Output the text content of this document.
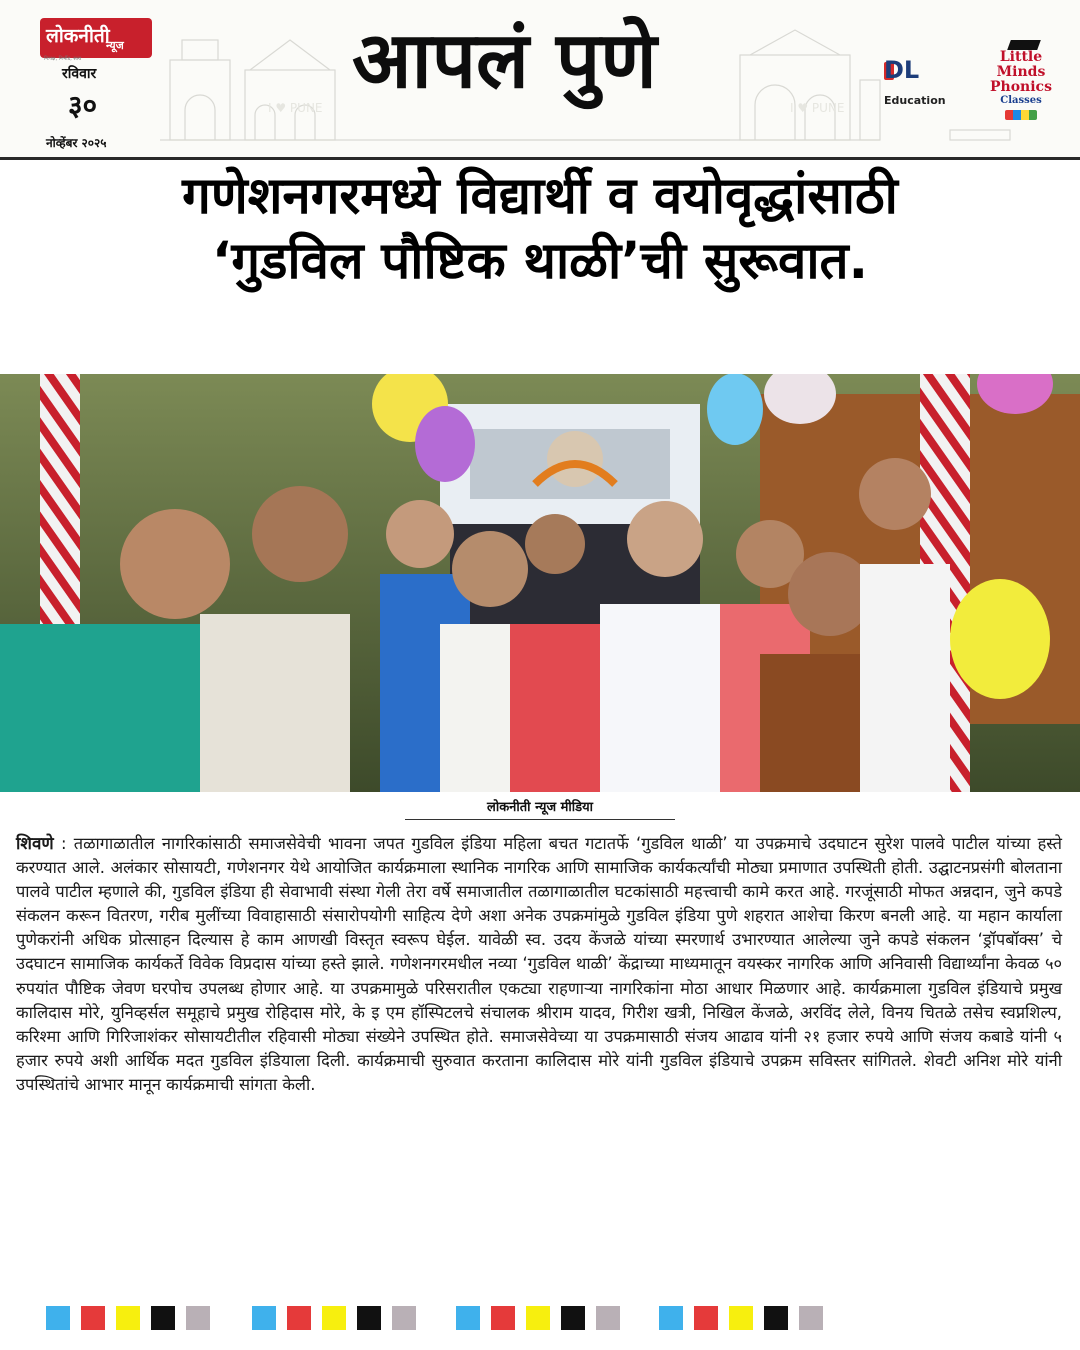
I ♥ PUNE	I ♥ PUNE
लोकनीती
न्यूज
निःपक्ष, निर्भीड, सत्य
रविवार
३०
नोव्हेंबर २०२५
आपलं पुणे	DL
Education
Little
Minds
Phonics
Classes
गणेशनगरमध्ये विद्यार्थी व वयोवृद्धांसाठी
‘गुडविल पौष्टिक थाळी’ची सुरूवात.
लोकनीती न्यूज मीडिया
शिवणे : तळागाळातील नागरिकांसाठी समाजसेवेची भावना जपत गुडविल इंडिया महिला बचत गटातर्फे ‘गुडविल थाळी’ या उपक्रमाचे उदघाटन सुरेश पालवे पाटील यांच्या हस्ते करण्यात आले. अलंकार सोसायटी, गणेशनगर येथे आयोजित कार्यक्रमाला स्थानिक नागरिक आणि सामाजिक कार्यकर्त्यांची मोठ्या प्रमाणात उपस्थिती होती. उद्घाटनप्रसंगी बोलताना पालवे पाटील म्हणाले की, गुडविल इंडिया ही सेवाभावी संस्था गेली तेरा वर्षे समाजातील तळागाळातील घटकांसाठी महत्त्वाची कामे करत आहे. गरजूंसाठी मोफत अन्नदान, जुने कपडे संकलन करून वितरण, गरीब मुलींच्या विवाहासाठी संसारोपयोगी साहित्य देणे अशा अनेक उपक्रमांमुळे गुडविल इंडिया पुणे शहरात आशेचा किरण बनली आहे. या महान कार्याला पुणेकरांनी अधिक प्रोत्साहन दिल्यास हे काम आणखी विस्तृत स्वरूप घेईल. यावेळी स्व. उदय केंजळे यांच्या स्मरणार्थ उभारण्यात आलेल्या जुने कपडे संकलन ‘ड्रॉपबॉक्स’ चे उदघाटन सामाजिक कार्यकर्ते विवेक विप्रदास यांच्या हस्ते झाले. गणेशनगरमधील नव्या ‘गुडविल थाळी’ केंद्राच्या माध्यमातून वयस्कर नागरिक आणि अनिवासी विद्यार्थ्यांना केवळ ५० रुपयांत पौष्टिक जेवण घरपोच उपलब्ध होणार आहे. या उपक्रमामुळे परिसरातील एकट्या राहणाऱ्या नागरिकांना मोठा आधार मिळणार आहे. कार्यक्रमाला गुडविल इंडियाचे प्रमुख कालिदास मोरे, युनिव्हर्सल समूहाचे प्रमुख रोहिदास मोरे, के इ एम हॉस्पिटलचे संचालक श्रीराम यादव, गिरीश खत्री, निखिल केंजळे, अरविंद लेले, विनय चितळे तसेच स्वप्नशिल्प, करिश्मा आणि गिरिजाशंकर सोसायटीतील रहिवासी मोठ्या संख्येने उपस्थित होते. समाजसेवेच्या या उपक्रमासाठी संजय आढाव यांनी २१ हजार रुपये आणि संजय कबाडे यांनी ५ हजार रुपये अशी आर्थिक मदत गुडविल इंडियाला दिली. कार्यक्रमाची सुरुवात करताना कालिदास मोरे यांनी गुडविल इंडियाचे उपक्रम सविस्तर सांगितले. शेवटी अनिश मोरे यांनी उपस्थितांचे आभार मानून कार्यक्रमाची सांगता केली.
